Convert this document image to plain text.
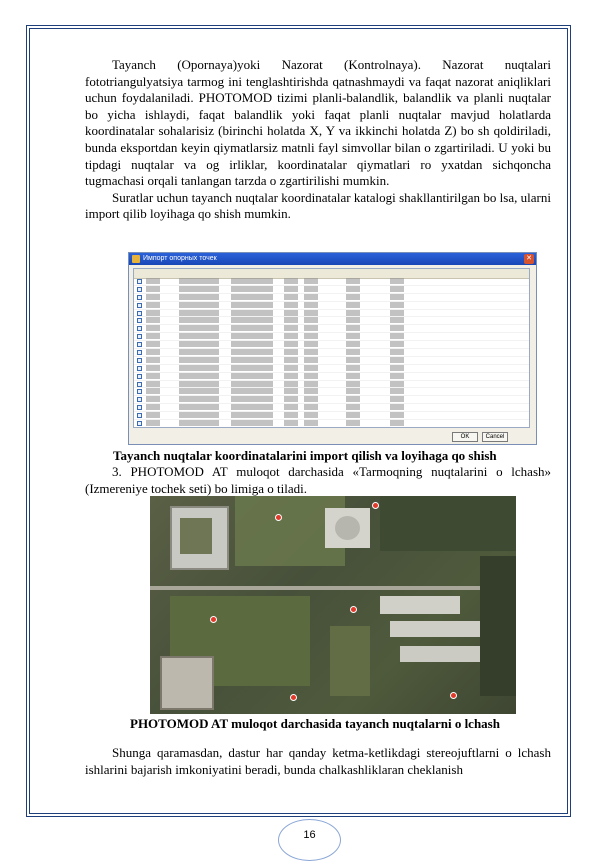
Tayanch (Opornaya)yoki Nazorat (Kontrolnaya). Nazorat nuqtalari fototriangulyatsiya tarmog ini tenglashtirishda qatnashmaydi va faqat nazorat aniqliklari uchun foydalaniladi. PHOTOMOD tizimi planli-balandlik, balandlik va planli nuqtalar bo yicha ishlaydi, faqat balandlik yoki faqat planli nuqtalar mavjud holatlarda koordinatalar sohalarisiz (birinchi holatda X, Y va ikkinchi holatda Z) bo sh qoldiriladi, bunda eksportdan keyin qiymatlarsiz matnli fayl simvollar bilan o zgartiriladi. U yoki bu tipdagi nuqtalar va og irliklar, koordinatalar qiymatlari ro yxatdan sichqoncha tugmachasi orqali tanlangan tarzda o zgartirilishi mumkin.

Suratlar uchun tayanch nuqtalar koordinatalar katalogi shakllantirilgan bo lsa, ularni import qilib loyihaga qo shish mumkin.

Импорт опорных точек	✕
OK	Cancel
Tayanch nuqtalar koordinatalarini import qilish va loyihaga qo shish

3. PHOTOMOD AT muloqot darchasida «Tarmoqning nuqtalarini o lchash» (Izmereniye tochek seti) bo limiga o tiladi.

PHOTOMOD AT muloqot darchasida tayanch nuqtalarni o lchash

Shunga qaramasdan, dastur har qanday ketma-ketlikdagi stereojuftlarni o lchash ishlarini bajarish imkoniyatini beradi, bunda chalkashliklaran cheklanish

16
